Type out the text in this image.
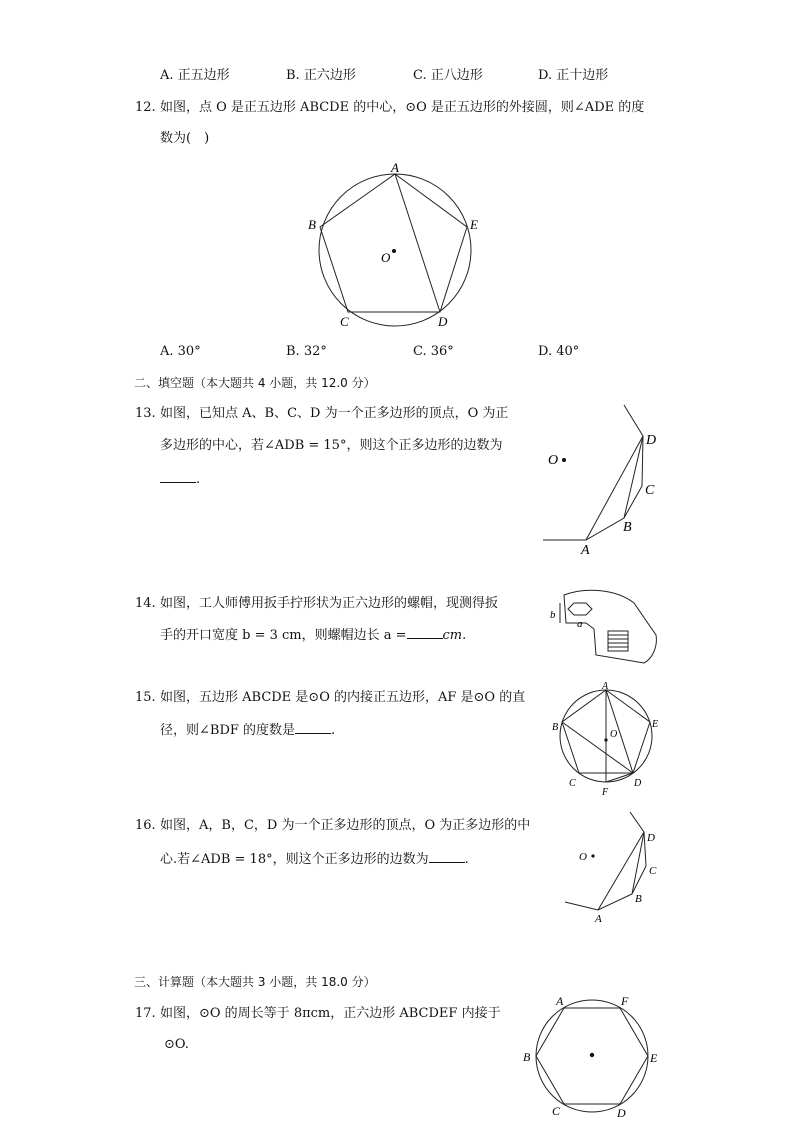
A. 正五边形	B. 正六边形	C. 正八边形	D. 正十边形
12. 如图，点 O 是正五边形 ABCDE 的中心，⊙O 是正五边形的外接圆，则∠ADE 的度
数为(　)
A
B
C	D
E
O
A. 30°	B. 32°	C. 36°	D. 40°
二、填空题（本大题共 4 小题，共 12.0 分）
13. 如图，已知点 A、B、C、D 为一个正多边形的顶点，O 为正
多边形的中心，若∠ADB = 15°，则这个正多边形的边数为
.
O
A
B
C
D
14. 如图，工人师傅用扳手拧形状为正六边形的螺帽，现测得扳
手的开口宽度 b = 3 cm，则螺帽边长 a =	cm.
b
a
15. 如图，五边形 ABCDE 是⊙O 的内接正五边形，AF 是⊙O 的直
径，则∠BDF 的度数是	.
A
B
C	D
E
F
O
16. 如图，A，B，C，D 为一个正多边形的顶点，O 为正多边形的中
心.若∠ADB = 18°，则这个正多边形的边数为	.	O
A
B
C
D
三、计算题（本大题共 3 小题，共 18.0 分）
17. 如图，⊙O 的周长等于 8πcm，正六边形 ABCDEF 内接于
⊙O.
A
B
C	D
E
F
